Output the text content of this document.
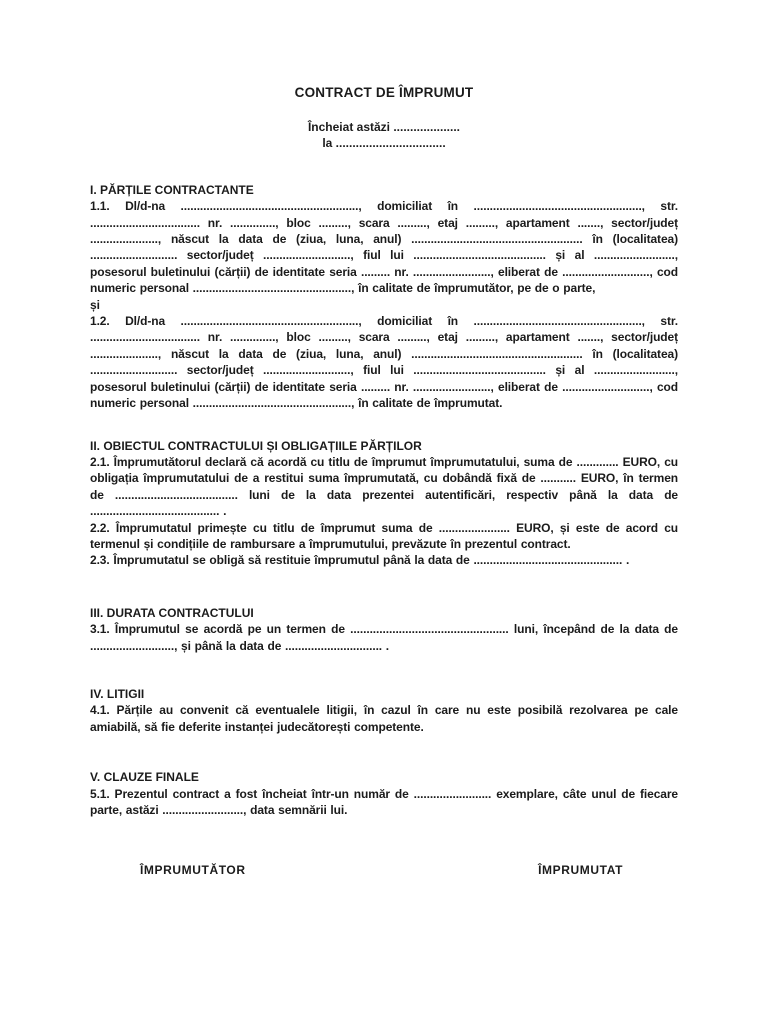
CONTRACT DE ÎMPRUMUT

Încheiat astăzi ....................

la .................................

I. PĂRȚILE CONTRACTANTE

1.1. Dl/d-na ......................................................., domiciliat în ...................................................., str. .................................. nr. .............., bloc ........., scara ........., etaj ........., apartament ......., sector/județ ....................., născut la data de (ziua, luna, anul) ..................................................... în (localitatea) ........................... sector/județ ..........................., fiul lui ......................................... și al ........................., posesorul buletinului (cărții) de identitate seria ......... nr. ........................, eliberat de ..........................., cod numeric personal ................................................., în calitate de împrumutător, pe de o parte,

și

1.2. Dl/d-na ......................................................., domiciliat în ...................................................., str. .................................. nr. .............., bloc ........., scara ........., etaj ........., apartament ......., sector/județ ....................., născut la data de (ziua, luna, anul) ..................................................... în (localitatea) ........................... sector/județ ..........................., fiul lui ......................................... și al ........................., posesorul buletinului (cărții) de identitate seria ......... nr. ........................, eliberat de ..........................., cod numeric personal ................................................., în calitate de împrumutat.

II. OBIECTUL CONTRACTULUI ȘI OBLIGAȚIILE PĂRȚILOR

2.1. Împrumutătorul declară că acordă cu titlu de împrumut împrumutatului, suma de ............. EURO, cu obligația împrumutatului de a restitui suma împrumutată, cu dobândă fixă de ........... EURO, în termen de ...................................... luni de la data prezentei autentificări, respectiv până la data de ........................................ .

2.2. Împrumutatul primește cu titlu de împrumut suma de ...................... EURO, și este de acord cu termenul și condițiile de rambursare a împrumutului, prevăzute în prezentul contract.

2.3. Împrumutatul se obligă să restituie împrumutul până la data de .............................................. .

III. DURATA CONTRACTULUI

3.1. Împrumutul se acordă pe un termen de ................................................. luni, începând de la data de .........................., și până la data de .............................. .

IV. LITIGII

4.1. Părțile au convenit că eventualele litigii, în cazul în care nu este posibilă rezolvarea pe cale amiabilă, să fie deferite instanței judecătorești competente.

V. CLAUZE FINALE

5.1. Prezentul contract a fost încheiat într-un număr de ........................ exemplare, câte unul de fiecare parte, astăzi ........................., data semnării lui.

ÎMPRUMUTĂTOR	ÎMPRUMUTAT
